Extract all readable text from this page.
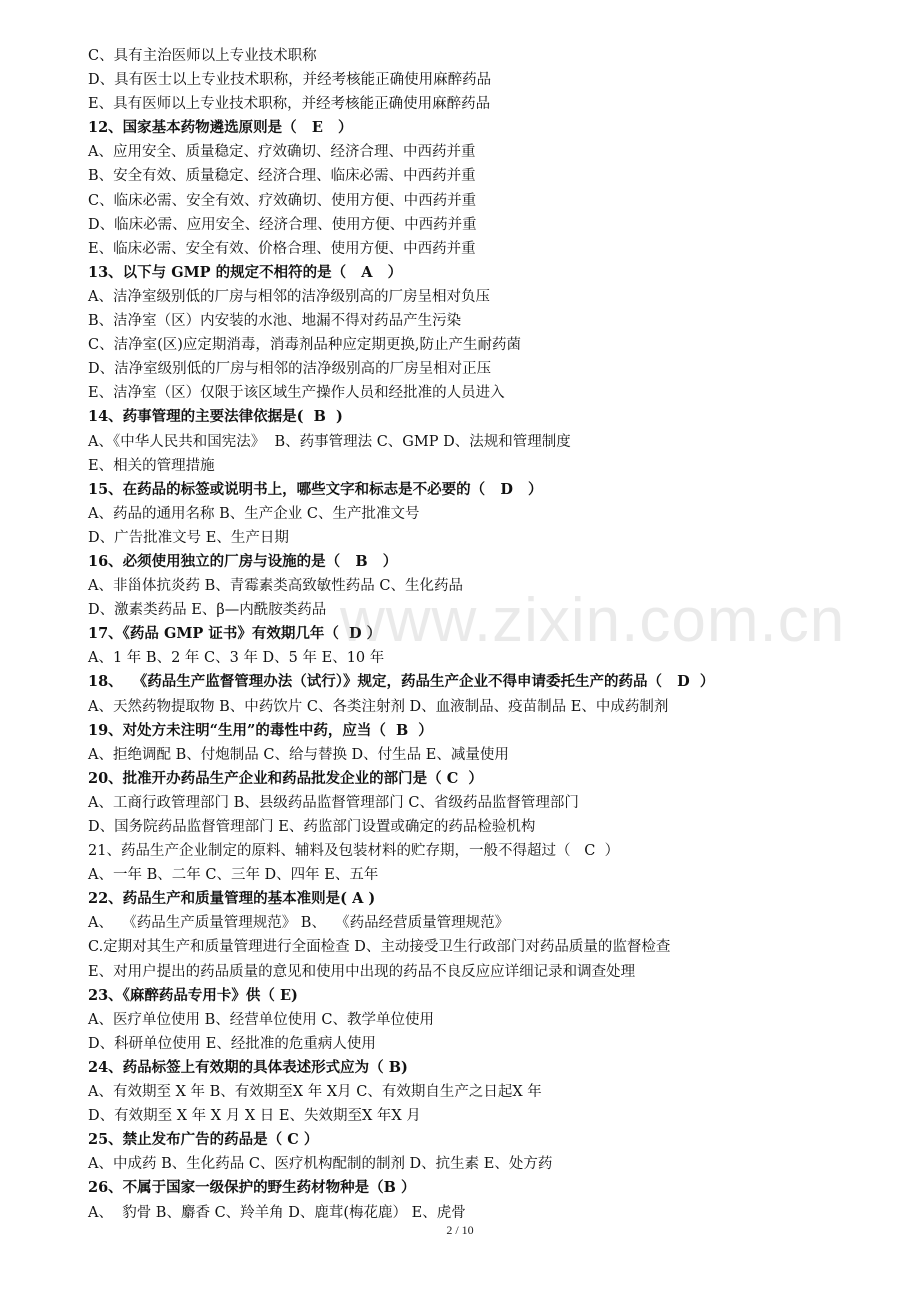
C、具有主治医师以上专业技术职称
D、具有医士以上专业技术职称，并经考核能正确使用麻醉药品
E、具有医师以上专业技术职称，并经考核能正确使用麻醉药品
12、国家基本药物遴选原则是（   E   ）
A、应用安全、质量稳定、疗效确切、经济合理、中西药并重
B、安全有效、质量稳定、经济合理、临床必需、中西药并重
C、临床必需、安全有效、疗效确切、使用方便、中西药并重
D、临床必需、应用安全、经济合理、使用方便、中西药并重
E、临床必需、安全有效、价格合理、使用方便、中西药并重
13、以下与 GMP 的规定不相符的是（   A   ）
A、洁净室级别低的厂房与相邻的洁净级别高的厂房呈相对负压
B、洁净室（区）内安装的水池、地漏不得对药品产生污染
C、洁净室(区)应定期消毒，消毒剂品种应定期更换,防止产生耐药菌
D、洁净室级别低的厂房与相邻的洁净级别高的厂房呈相对正压
E、洁净室（区）仅限于该区域生产操作人员和经批准的人员进入
14、药事管理的主要法律依据是(  B  )
A、《中华人民共和国宪法》  B、药事管理法 C、GMP D、法规和管理制度
E、相关的管理措施
15、在药品的标签或说明书上，哪些文字和标志是不必要的（   D   ）
A、药品的通用名称 B、生产企业 C、生产批准文号
D、广告批准文号 E、生产日期
16、必须使用独立的厂房与设施的是（   B   ）
A、非甾体抗炎药 B、青霉素类高致敏性药品 C、生化药品
D、激素类药品 E、β—内酰胺类药品
17、《药品 GMP 证书》有效期几年（  D ）
A、1 年 B、2 年 C、3 年 D、5 年 E、10 年
18、  《药品生产监督管理办法（试行）》规定，药品生产企业不得申请委托生产的药品（   D  ）
A、天然药物提取物 B、中药饮片 C、各类注射剂 D、血液制品、疫苗制品 E、中成药制剂
19、对处方未注明“生用”的毒性中药，应当（  B  ）
A、拒绝调配 B、付炮制品 C、给与替换 D、付生品 E、减量使用
20、批准开办药品生产企业和药品批发企业的部门是（ C  ）
A、工商行政管理部门 B、县级药品监督管理部门 C、省级药品监督管理部门
D、国务院药品监督管理部门 E、药监部门设置或确定的药品检验机构
21、药品生产企业制定的原料、辅料及包装材料的贮存期，一般不得超过（   C  ）
A、一年 B、二年 C、三年 D、四年 E、五年
22、药品生产和质量管理的基本准则是( A )
A、  《药品生产质量管理规范》 B、  《药品经营质量管理规范》
C.定期对其生产和质量管理进行全面检查 D、主动接受卫生行政部门对药品质量的监督检查
E、对用户提出的药品质量的意见和使用中出现的药品不良反应应详细记录和调查处理
23、《麻醉药品专用卡》供（ E)
A、医疗单位使用 B、经营单位使用 C、教学单位使用
D、科研单位使用 E、经批准的危重病人使用
24、药品标签上有效期的具体表述形式应为（ B)
A、有效期至 X 年 B、有效期至X 年 X月 C、有效期自生产之日起X 年
D、有效期至 X 年 X 月 X 日 E、失效期至X 年X 月
25、禁止发布广告的药品是（ C ）
A、中成药 B、生化药品 C、医疗机构配制的制剂 D、抗生素 E、处方药
26、不属于国家一级保护的野生药材物种是（B ）
A、  豹骨 B、麝香 C、羚羊角 D、鹿茸(梅花鹿） E、虎骨
www.zixin.com.cn
2 / 10
